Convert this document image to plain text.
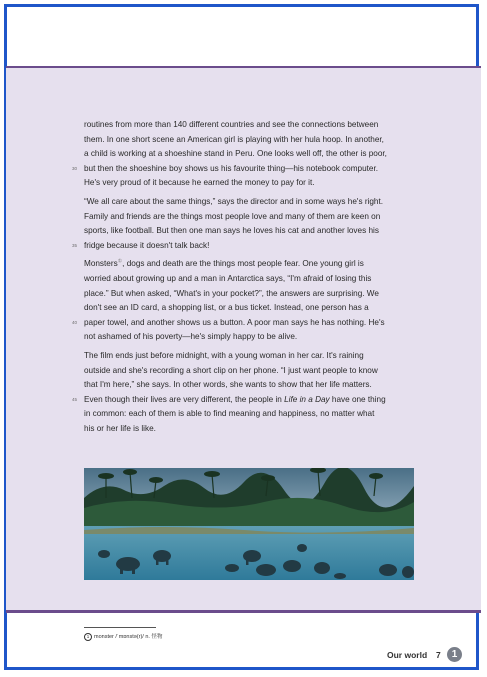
routines from more than 140 different countries and see the connections between
them. In one short scene an American girl is playing with her hula hoop. In another,
a child is working at a shoeshine stand in Peru. One looks well off, the other is poor,
30 but then the shoeshine boy shows us his favourite thing—his notebook computer.
He's very proud of it because he earned the money to pay for it.
“We all care about the same things,” says the director and in some ways he's right.
Family and friends are the things most people love and many of them are keen on
sports, like football. But then one man says he loves his cat and another loves his
35 fridge because it doesn't talk back!
Monsters①, dogs and death are the things most people fear. One young girl is
worried about growing up and a man in Antarctica says, “I'm afraid of losing this
place.” But when asked, “What's in your pocket?”, the answers are surprising. We
don't see an ID card, a shopping list, or a bus ticket. Instead, one person has a
40 paper towel, and another shows us a button. A poor man says he has nothing. He's
not ashamed of his poverty—he's simply happy to be alive.
The film ends just before midnight, with a young woman in her car. It's raining
outside and she's recording a short clip on her phone. “I just want people to know
that I'm here,” she says. In other words, she wants to show that her life matters.
45 Even though their lives are very different, the people in Life in a Day have one thing
in common: each of them is able to find meaning and happiness, no matter what
his or her life is like.
1 monster /ˈmɒnstə(r)/ n. 怪物
Our world 7	1
